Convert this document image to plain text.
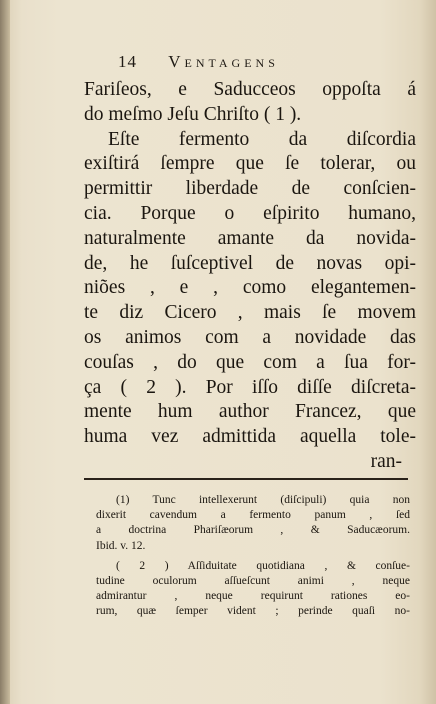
14 Ventagens
Fariſeos, e Saducceos oppoſta á
do meſmo Jeſu Chriſto ( 1 ).
Eſte fermento da diſcordia
exiſtirá ſempre que ſe tolerar, ou
permittir liberdade de conſcien-
cia. Porque o eſpirito humano,
naturalmente amante da novida-
de, he ſuſceptivel de novas opi-
niões , e , como elegantemen-
te diz Cicero , mais ſe movem
os animos com a novidade das
couſas , do que com a ſua for-
ça ( 2 ). Por iſſo diſſe diſcreta-
mente hum author Francez, que
huma vez admittida aquella tole-
ran-
(1) Tunc intellexerunt (diſcipuli) quia non
dixerit cavendum a fermento panum , ſed
a doctrina Phariſæorum , & Saducæorum.
Ibid. v. 12.
( 2 ) Aſſiduitate quotidiana , & conſue-
tudine oculorum aſſueſcunt animi , neque
admirantur , neque requirunt rationes eo-
rum, quæ ſemper vident ; perinde quaſi no-
